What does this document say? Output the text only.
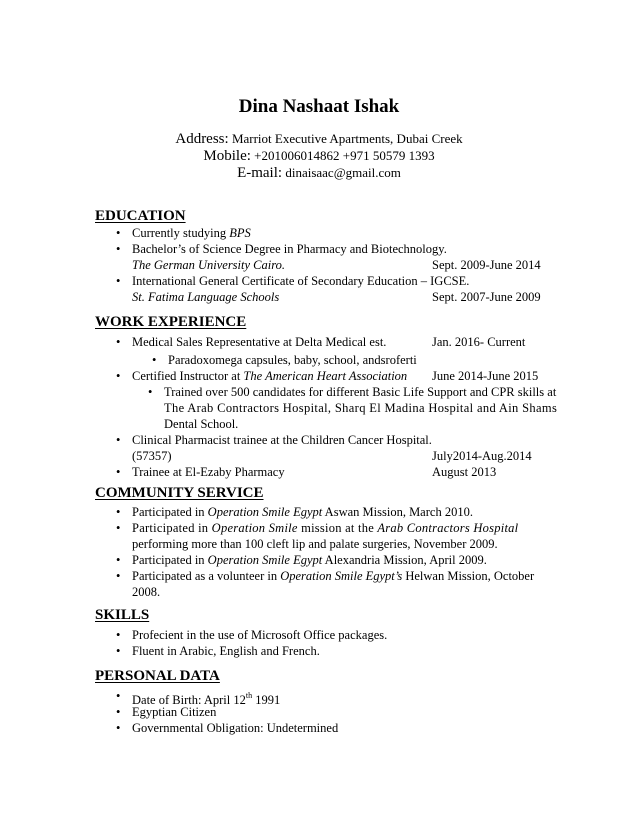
Dina Nashaat Ishak
Address: Marriot Executive Apartments, Dubai Creek
Mobile: +201006014862 +971 50579 1393
E-mail: dinaisaac@gmail.com
EDUCATION
• Currently studying BPS
• Bachelor’s of Science Degree in Pharmacy and Biotechnology.
The German University Cairo.	Sept. 2009-June 2014
• International General Certificate of Secondary Education – IGCSE.
St. Fatima Language Schools	Sept. 2007-June 2009
WORK EXPERIENCE
• Medical Sales Representative at Delta Medical est.	Jan. 2016- Current
• Paradoxomega capsules, baby, school, andsroferti
• Certified Instructor at The American Heart Association June 2014-June 2015
• Trained over 500 candidates for different Basic Life Support and CPR skills at
The Arab Contractors Hospital, Sharq El Madina Hospital and Ain Shams
Dental School.
• Clinical Pharmacist trainee at the Children Cancer Hospital.
(57357)	July2014-Aug.2014
• Trainee at El-Ezaby Pharmacy	August 2013
COMMUNITY SERVICE
• Participated in Operation Smile Egypt Aswan Mission, March 2010.
• Participated in Operation Smile mission at the Arab Contractors Hospital
performing more than 100 cleft lip and palate surgeries, November 2009.
• Participated in Operation Smile Egypt Alexandria Mission, April 2009.
• Participated as a volunteer in Operation Smile Egypt’s Helwan Mission, October
2008.
SKILLS
• Profecient in the use of Microsoft Office packages.
• Fluent in Arabic, English and French.
PERSONAL DATA
• Date of Birth: April 12th 1991
• Egyptian Citizen
• Governmental Obligation: Undetermined
